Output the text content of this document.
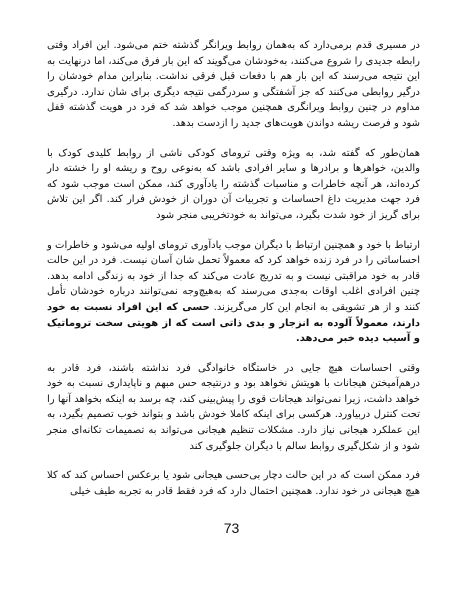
در مسیری قدم برمی‌دارد که به‌همان روابط ویرانگر گذشته ختم می‌شود. این افراد وقتی رابطه جدیدی را شروع می‌کنند، به‌خودشان می‌گویند که این بار فرق می‌کند، اما درنهایت به این نتیجه می‌رسند که این بار هم با دفعات قبل فرقی نداشت. بنابراین مدام خودشان را درگیر روابطی می‌کنند که جز آشفتگی و سردرگمی نتیجه دیگری برای شان ندارد. درگیری مداوم در چنین روابط ویرانگری همچنین موجب خواهد شد که فرد در هویت گذشته قفل شود و فرصت ریشه دواندن هویت‌های جدید را ازدست بدهد.

همان‌طور که گفته شد، به ویژه وقتی ترومای کودکی ناشی از روابط کلیدی کودک با والدین، خواهرها و برادرها و سایر افرادی باشد که به‌نوعی روح و ریشه او را خشته دار کرده‌اند، هر آنچه خاطرات و مناسبات گذشته را یادآوری کند، ممکن است موجب شود که فرد جهت مدیریت داغ احساسات و تجربیات آن دوران از خودش فرار کند. اگر این تلاش برای گریز از خود شدت بگیرد، می‌تواند به خودتخریبی منجر شود

ارتباط با خود و همچنین ارتباط با دیگران موجب یادآوری ترومای اولیه می‌شود و خاطرات و احساساتی را در فرد زنده خواهد کرد که معمولاً تحمل شان آسان نیست. فرد در این حالت قادر به خود مراقبتی نیست و به تدریج عادت می‌کند که جدا از خود به زندگی ادامه بدهد. چنین افرادی اغلب اوقات به‌جدی می‌رسند که به‌هیچ‌وجه نمی‌توانند درباره خودشان تأمل کنند و از هر تشویقی به انجام این کار می‌گریزند. حسی که این افراد نسبت به خود دارند، معمولاً آلوده به انزجار و بدی ذاتی است که از هویتی سخت تروماتیک و آسیب دیده خبر می‌دهد.

وقتی احساسات هیچ جایی در خاستگاه خانوادگی فرد نداشته باشند، فرد قادر به درهم‌آمیختن هیجانات با هویتش نخواهد بود و درنتیجه حس مبهم و ناپایداری نسبت به خود خواهد داشت، زیرا نمی‌تواند هیجانات قوی را پیش‌بینی کند، چه برسد به اینکه بخواهد آنها را تحت کنترل دربیاورد. هرکسی برای اینکه کاملا خودش باشد و بتواند خوب تصمیم بگیرد، به این عملکرد هیجانی نیاز دارد. مشکلات تنظیم هیجانی می‌تواند به تصمیمات تکانه‌ای منجر شود و از شکل‌گیری روابط سالم با دیگران جلوگیری کند

فرد ممکن است که در این حالت دچار بی‌حسی هیجانی شود یا برعکس احساس کند که کلا هیچ هیجانی در خود ندارد. همچنین احتمال دارد که فرد فقط قادر به تجربه طیف خیلی

73
